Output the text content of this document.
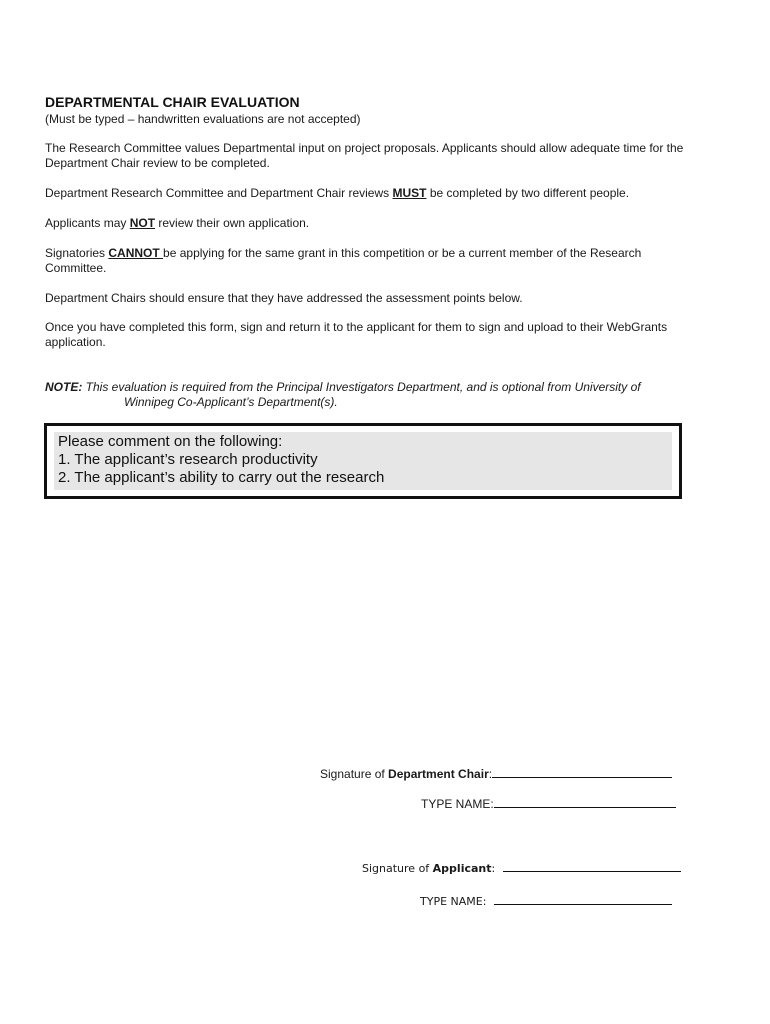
DEPARTMENTAL CHAIR EVALUATION
(Must be typed – handwritten evaluations are not accepted)
The Research Committee values Departmental input on project proposals. Applicants should allow adequate time for the Department Chair review to be completed.
Department Research Committee and Department Chair reviews MUST be completed by two different people.
Applicants may NOT review their own application.
Signatories CANNOT be applying for the same grant in this competition or be a current member of the Research Committee.
Department Chairs should ensure that they have addressed the assessment points below.
Once you have completed this form, sign and return it to the applicant for them to sign and upload to their WebGrants application.
NOTE: This evaluation is required from the Principal Investigators Department, and is optional from University of
Winnipeg Co-Applicant’s Department(s).
Please comment on the following:
1. The applicant’s research productivity
2. The applicant’s ability to carry out the research
Signature of Department Chair:
TYPE NAME:
Signature of Applicant:
TYPE NAME:
